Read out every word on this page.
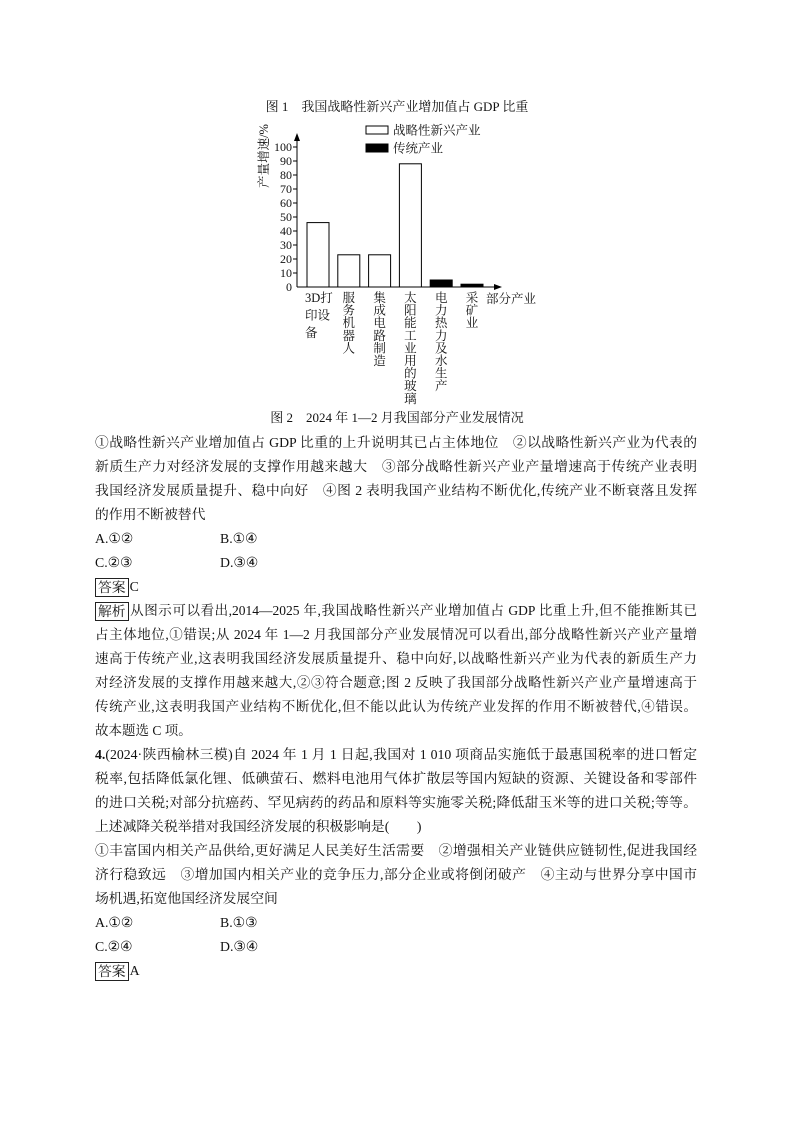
图 1　我国战略性新兴产业增加值占 GDP 比重
0
10
20
30
40
50
60
70
80
90
100
产量增速/%
部分产业
3D打印设备
服务机器人
集成电路制造
太阳能工业用的玻璃
电力热力及水生产
采矿业
战略性新兴产业
传统产业
图 2　2024 年 1—2 月我国部分产业发展情况
①战略性新兴产业增加值占 GDP 比重的上升说明其已占主体地位　②以战略性新兴产业为代表的
新质生产力对经济发展的支撑作用越来越大　③部分战略性新兴产业产量增速高于传统产业表明
我国经济发展质量提升、稳中向好　④图 2 表明我国产业结构不断优化,传统产业不断衰落且发挥
的作用不断被替代
A.①②	B.①④
C.②③	D.③④
答案 C
解析 从图示可以看出,2014—2025 年,我国战略性新兴产业增加值占 GDP 比重上升,但不能推断其已
占主体地位,①错误;从 2024 年 1—2 月我国部分产业发展情况可以看出,部分战略性新兴产业产量增
速高于传统产业,这表明我国经济发展质量提升、稳中向好,以战略性新兴产业为代表的新质生产力
对经济发展的支撑作用越来越大,②③符合题意;图 2 反映了我国部分战略性新兴产业产量增速高于
传统产业,这表明我国产业结构不断优化,但不能以此认为传统产业发挥的作用不断被替代,④错误。
故本题选 C 项。
4.(2024·陕西榆林三模)自 2024 年 1 月 1 日起,我国对 1 010 项商品实施低于最惠国税率的进口暂定
税率,包括降低氯化锂、低碘萤石、燃料电池用气体扩散层等国内短缺的资源、关键设备和零部件
的进口关税;对部分抗癌药、罕见病药的药品和原料等实施零关税;降低甜玉米等的进口关税;等等。
上述减降关税举措对我国经济发展的积极影响是(　　)
①丰富国内相关产品供给,更好满足人民美好生活需要　②增强相关产业链供应链韧性,促进我国经
济行稳致远　③增加国内相关产业的竞争压力,部分企业或将倒闭破产　④主动与世界分享中国市
场机遇,拓宽他国经济发展空间
A.①②	B.①③
C.②④	D.③④
答案 A
